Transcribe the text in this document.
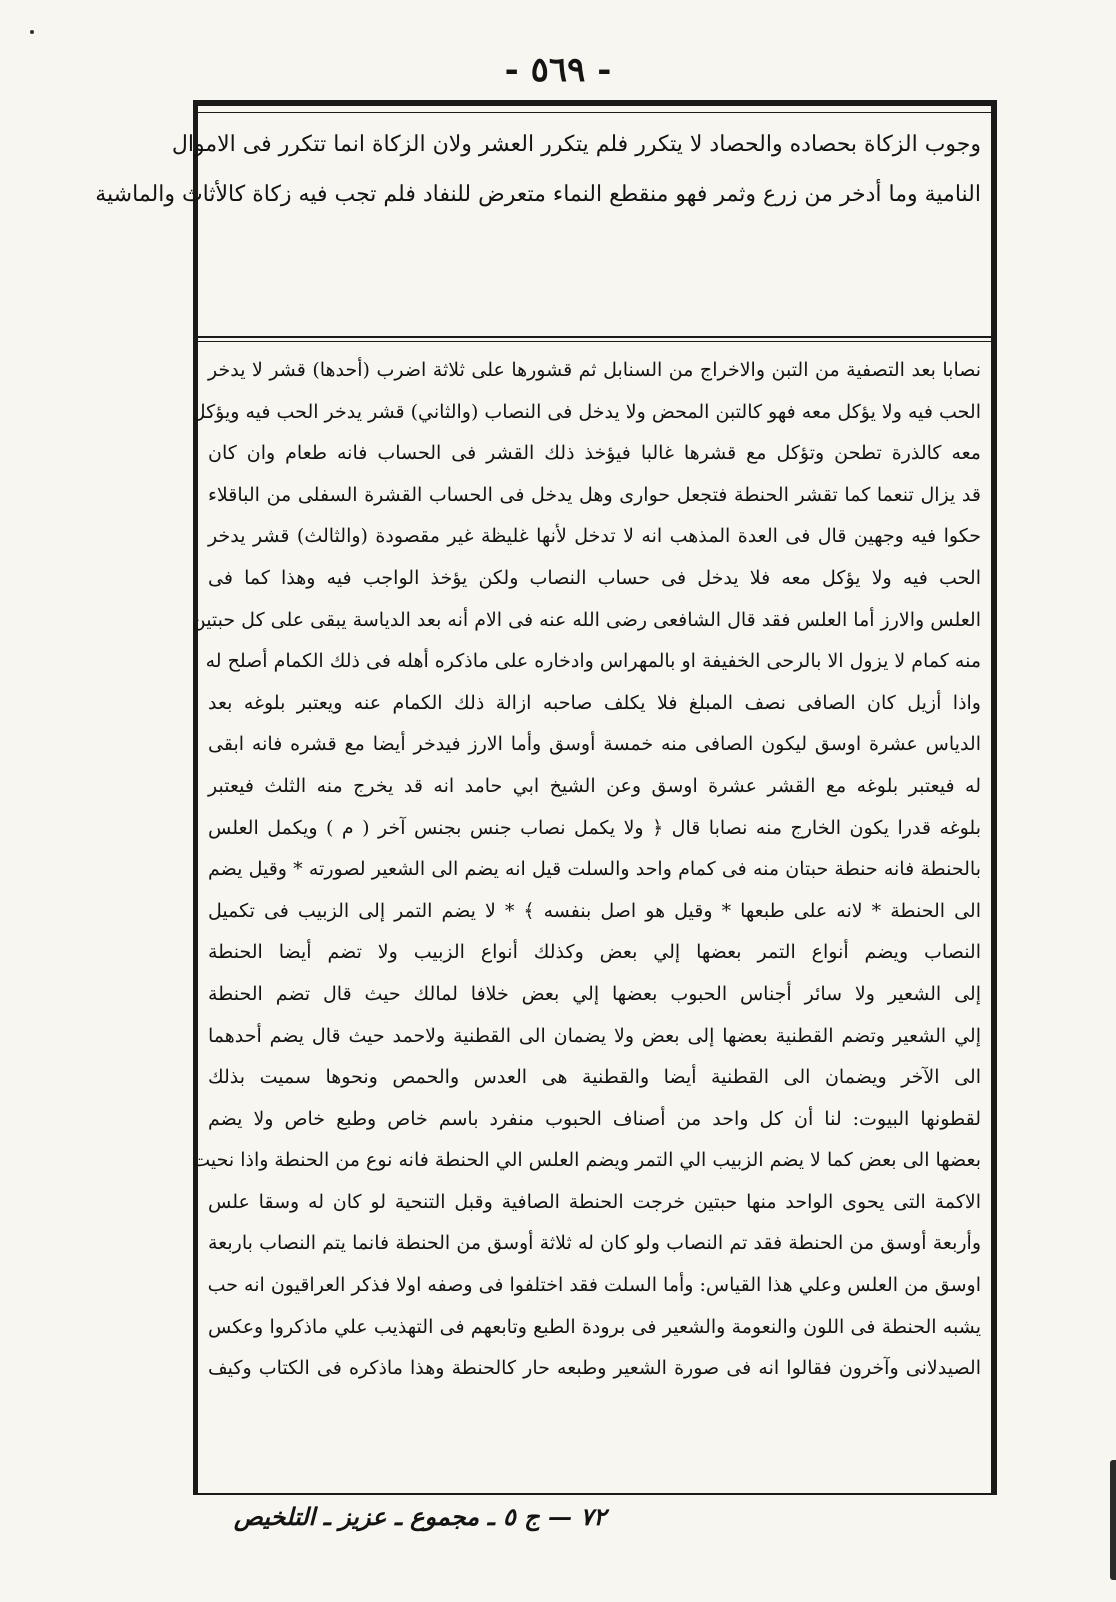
- ٥٦٩ -
وجوب الزكاة بحصاده والحصاد لا يتكرر فلم يتكرر العشر ولان الزكاة انما تتكرر فى الاموال
النامية وما أدخر من زرع وثمر فهو منقطع النماء متعرض للنفاد فلم تجب فيه زكاة كالأثاث والماشية
نصابا بعد التصفية من التبن والاخراج من السنابل ثم قشورها على ثلاثة اضرب (أحدها) قشر لا يدخر
الحب فيه ولا يؤكل معه فهو كالتبن المحض ولا يدخل فى النصاب (والثاني) قشر يدخر الحب فيه ويؤكل
معه كالذرة تطحن وتؤكل مع قشرها غالبا فيؤخذ ذلك القشر فى الحساب فانه طعام وان كان
قد يزال تنعما كما تقشر الحنطة فتجعل حوارى وهل يدخل فى الحساب القشرة السفلى من الباقلاء
حكوا فيه وجهين قال فى العدة المذهب انه لا تدخل لأنها غليظة غير مقصودة (والثالث) قشر يدخر
الحب فيه ولا يؤكل معه فلا يدخل فى حساب النصاب ولكن يؤخذ الواجب فيه وهذا كما فى
العلس والارز أما العلس فقد قال الشافعى رضى الله عنه فى الام أنه بعد الدياسة يبقى على كل حبتين
منه كمام لا يزول الا بالرحى الخفيفة او بالمهراس وادخاره على ماذكره أهله فى ذلك الكمام أصلح له
واذا أزيل كان الصافى نصف المبلغ فلا يكلف صاحبه ازالة ذلك الكمام عنه ويعتبر بلوغه بعد
الدياس عشرة اوسق ليكون الصافى منه خمسة أوسق وأما الارز فيدخر أيضا مع قشره فانه ابقى
له فيعتبر بلوغه مع القشر عشرة اوسق وعن الشيخ ابي حامد انه قد يخرج منه الثلث فيعتبر
بلوغه قدرا يكون الخارج منه نصابا قال ﴿ ولا يكمل نصاب جنس بجنس آخر ( م ) ويكمل العلس
بالحنطة فانه حنطة حبتان منه فى كمام واحد والسلت قيل انه يضم الى الشعير لصورته * وقيل يضم
الى الحنطة * لانه على طبعها * وقيل هو اصل بنفسه ﴾ * لا يضم التمر إلى الزبيب فى تكميل
النصاب ويضم أنواع التمر بعضها إلي بعض وكذلك أنواع الزبيب ولا تضم أيضا الحنطة
إلى الشعير ولا سائر أجناس الحبوب بعضها إلي بعض خلافا لمالك حيث قال تضم الحنطة
إلي الشعير وتضم القطنية بعضها إلى بعض ولا يضمان الى القطنية ولاحمد حيث قال يضم أحدهما
الى الآخر ويضمان الى القطنية أيضا والقطنية هى العدس والحمص ونحوها سميت بذلك
لقطونها البيوت: لنا أن كل واحد من أصناف الحبوب منفرد باسم خاص وطبع خاص ولا يضم
بعضها الى بعض كما لا يضم الزبيب الي التمر ويضم العلس الي الحنطة فانه نوع من الحنطة واذا نحيت
الاكمة التى يحوى الواحد منها حبتين خرجت الحنطة الصافية وقبل التنحية لو كان له وسقا علس
وأربعة أوسق من الحنطة فقد تم النصاب ولو كان له ثلاثة أوسق من الحنطة فانما يتم النصاب باربعة
اوسق من العلس وعلي هذا القياس: وأما السلت فقد اختلفوا فى وصفه اولا فذكر العراقيون انه حب
يشبه الحنطة فى اللون والنعومة والشعير فى برودة الطبع وتابعهم فى التهذيب علي ماذكروا وعكس
الصيدلانى وآخرون فقالوا انه فى صورة الشعير وطبعه حار كالحنطة وهذا ماذكره فى الكتاب وكيف
٧٢ — ج ٥ ـ مجموع ـ عزيز ـ التلخيص
